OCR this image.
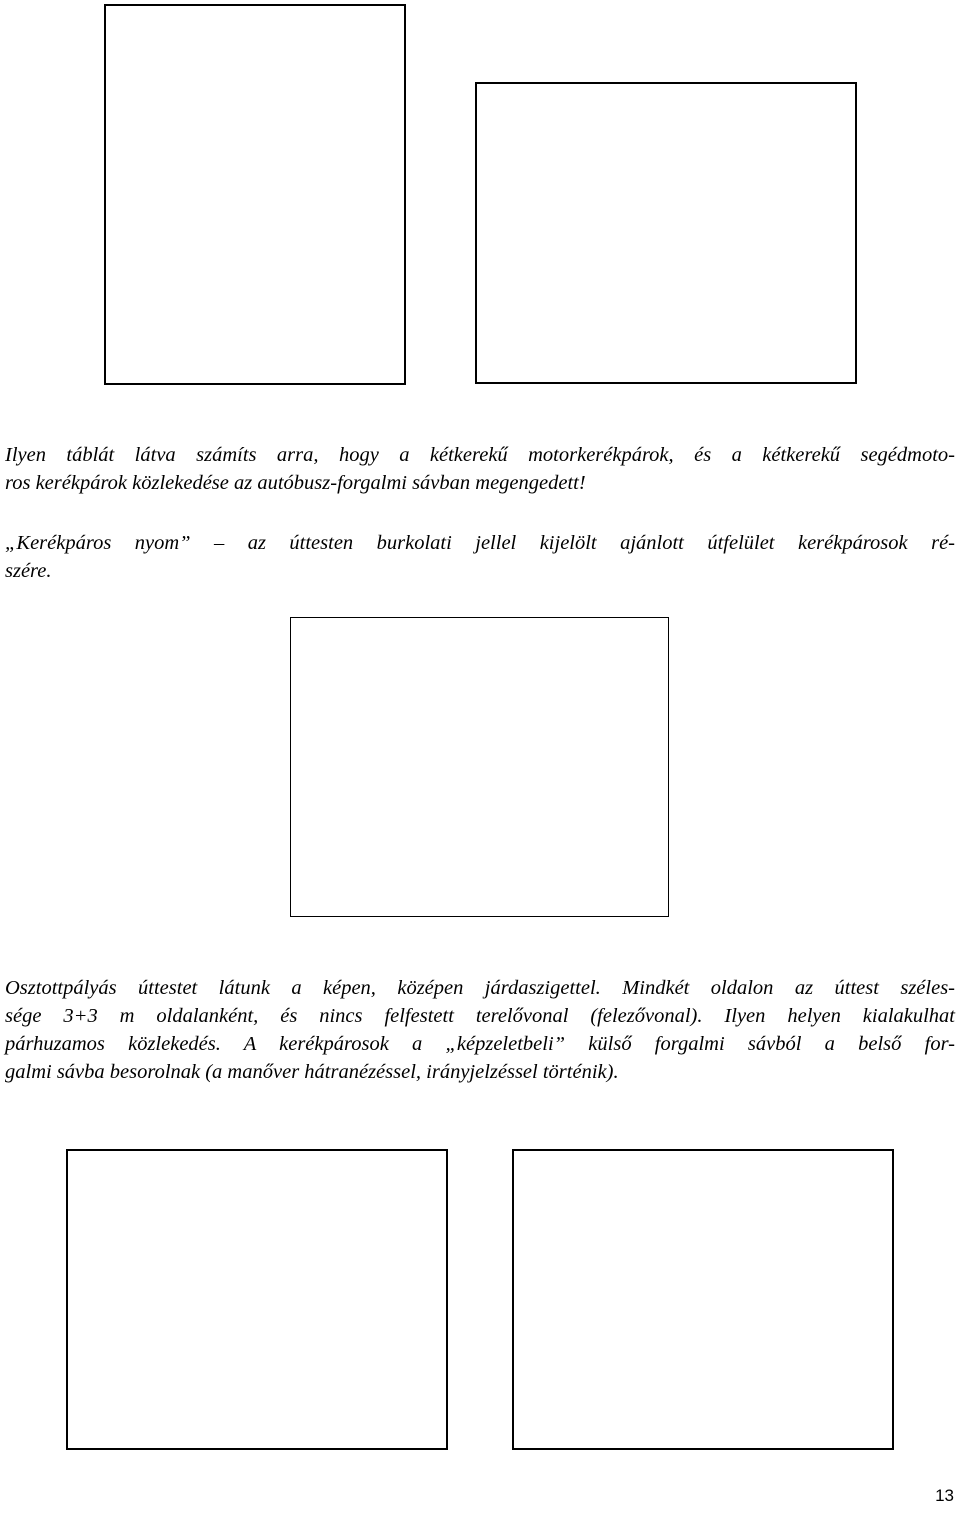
Ilyen táblát látva számíts arra, hogy a kétkerekű motorkerékpárok, és a kétkerekű segédmoto-
ros kerékpárok közlekedése az autóbusz-forgalmi sávban megengedett!
„Kerékpáros nyom” – az úttesten burkolati jellel kijelölt ajánlott útfelület kerékpárosok ré-
szére.
Osztottpályás úttestet látunk a képen, középen járdaszigettel. Mindkét oldalon az úttest széles-
sége 3+3 m oldalanként, és nincs felfestett terelővonal (felezővonal). Ilyen helyen kialakulhat
párhuzamos közlekedés. A kerékpárosok a „képzeletbeli” külső forgalmi sávból a belső for-
galmi sávba besorolnak (a manőver hátranézéssel, irányjelzéssel történik).
13
